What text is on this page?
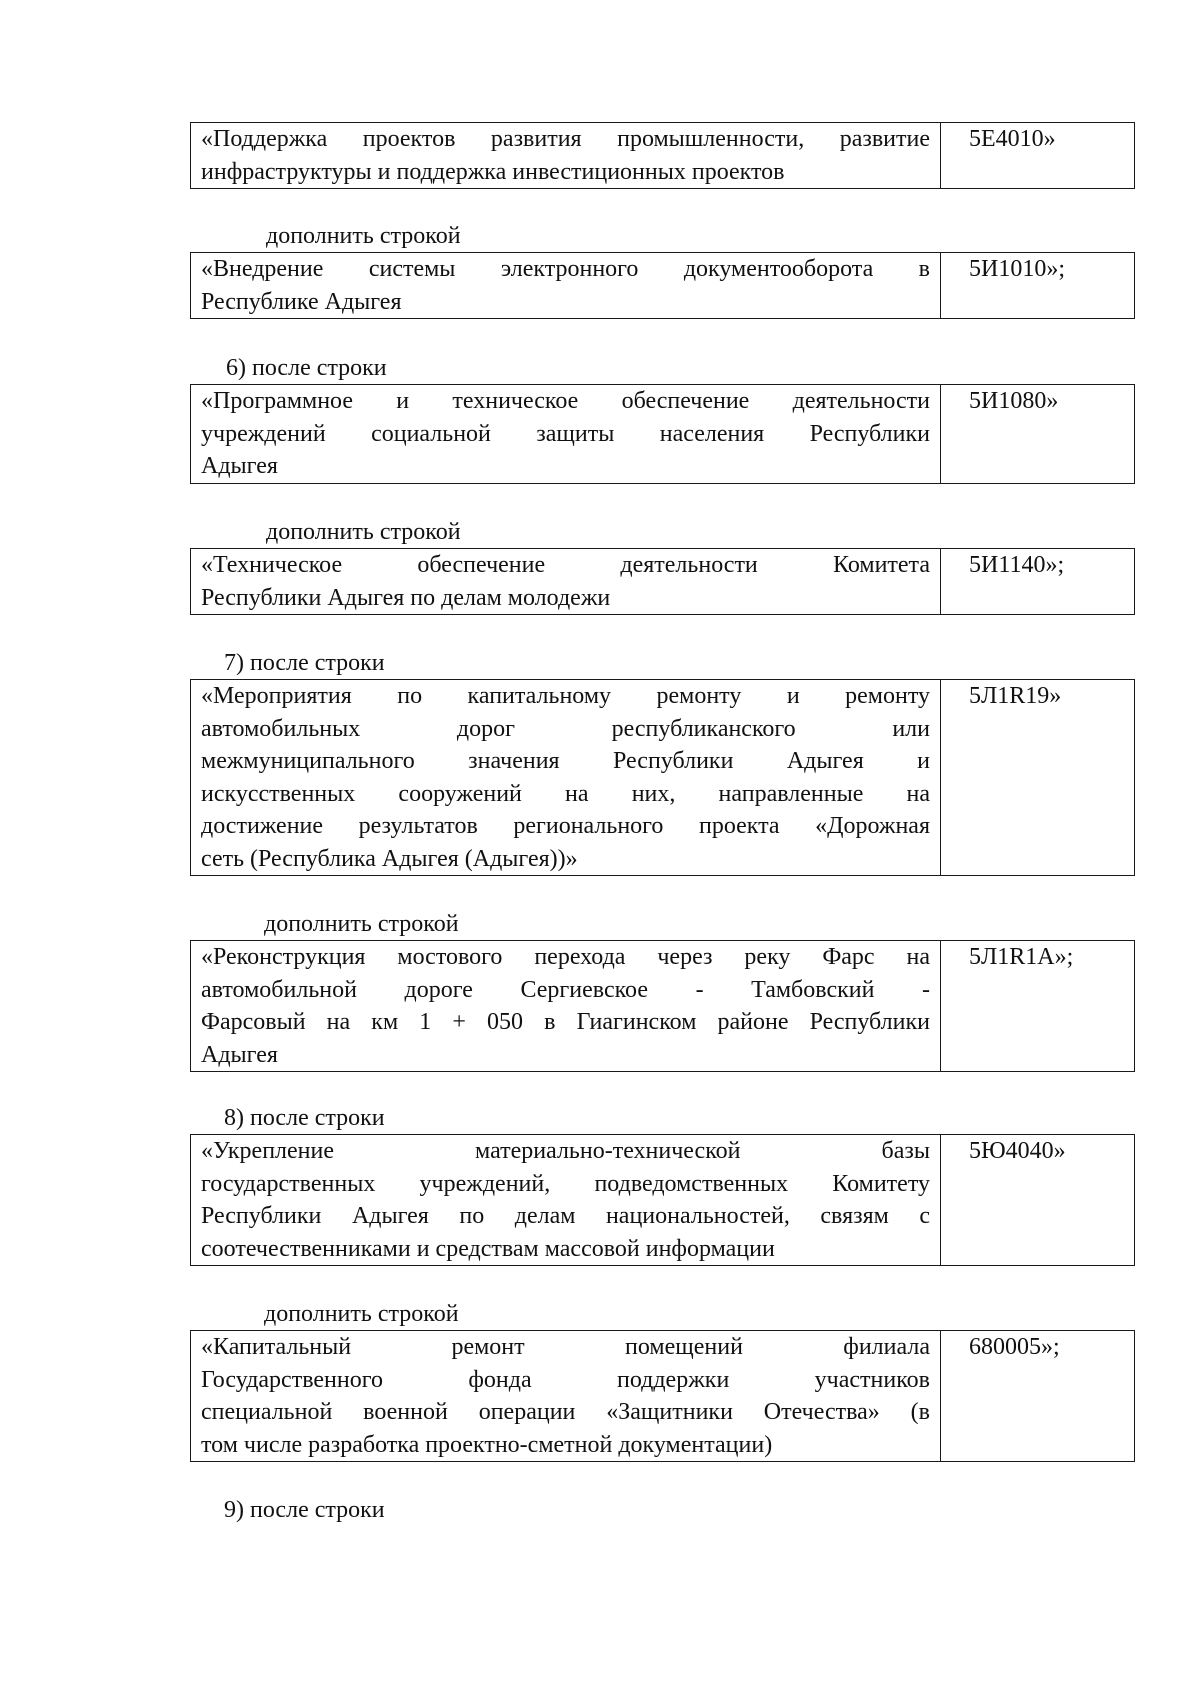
«Поддержка проектов развития промышленности, развитие
инфраструктуры и поддержка инвестиционных проектов
	5Е4010»
дополнить строкой
«Внедрение системы электронного документооборота в
Республике Адыгея
	5И1010»;
6) после строки
«Программное и техническое обеспечение деятельности
учреждений социальной защиты населения Республики
Адыгея
	5И1080»
дополнить строкой
«Техническое обеспечение деятельности Комитета
Республики Адыгея по делам молодежи
	5И1140»;
7) после строки
«Мероприятия по капитальному ремонту и ремонту
автомобильных дорог республиканского или
межмуниципального значения Республики Адыгея и
искусственных сооружений на них, направленные на
достижение результатов регионального проекта «Дорожная
сеть (Республика Адыгея (Адыгея))»
	5Л1R19»
дополнить строкой
«Реконструкция мостового перехода через реку Фарс на
автомобильной дороге Сергиевское - Тамбовский -
Фарсовый на км 1 + 050 в Гиагинском районе Республики
Адыгея
	5Л1R1А»;
8) после строки
«Укрепление материально-технической базы
государственных учреждений, подведомственных Комитету
Республики Адыгея по делам национальностей, связям с
соотечественниками и средствам массовой информации
	5Ю4040»
дополнить строкой
«Капитальный ремонт помещений филиала
Государственного фонда поддержки участников
специальной военной операции «Защитники Отечества» (в
том числе разработка проектно-сметной документации)
	680005»;
9) после строки
